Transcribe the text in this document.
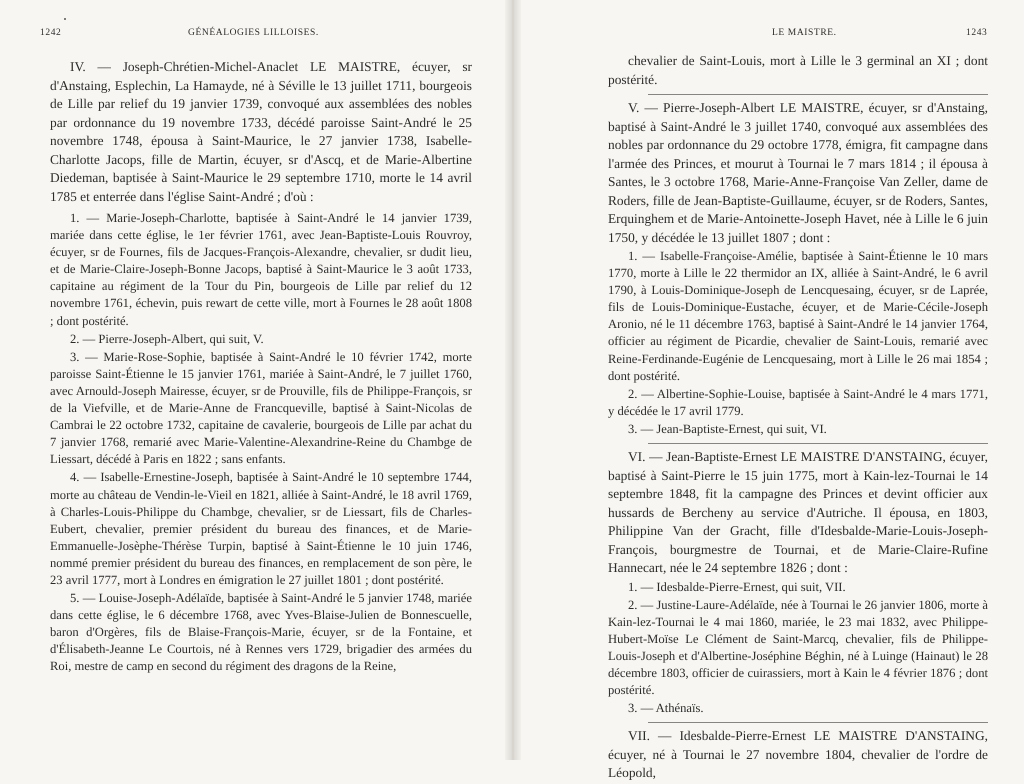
1242	GÉNÉALOGIES LILLOISES.

IV. — Joseph-Chrétien-Michel-Anaclet LE MAISTRE, écuyer, sr d'Anstaing, Esplechin, La Hamayde, né à Séville le 13 juillet 1711, bourgeois de Lille par relief du 19 janvier 1739, convoqué aux assemblées des nobles par ordonnance du 19 novembre 1733, décédé paroisse Saint-André le 25 novembre 1748, épousa à Saint-Maurice, le 27 janvier 1738, Isabelle-Charlotte Jacops, fille de Martin, écuyer, sr d'Ascq, et de Marie-Albertine Diedeman, baptisée à Saint-Maurice le 29 septembre 1710, morte le 14 avril 1785 et enterrée dans l'église Saint-André ; d'où :

1. — Marie-Joseph-Charlotte, baptisée à Saint-André le 14 janvier 1739, mariée dans cette église, le 1er février 1761, avec Jean-Baptiste-Louis Rouvroy, écuyer, sr de Fournes, fils de Jacques-François-Alexandre, chevalier, sr dudit lieu, et de Marie-Claire-Joseph-Bonne Jacops, baptisé à Saint-Maurice le 3 août 1733, capitaine au régiment de la Tour du Pin, bourgeois de Lille par relief du 12 novembre 1761, échevin, puis rewart de cette ville, mort à Fournes le 28 août 1808 ; dont postérité.

2. — Pierre-Joseph-Albert, qui suit, V.

3. — Marie-Rose-Sophie, baptisée à Saint-André le 10 février 1742, morte paroisse Saint-Étienne le 15 janvier 1761, mariée à Saint-André, le 7 juillet 1760, avec Arnould-Joseph Mairesse, écuyer, sr de Prouville, fils de Philippe-François, sr de la Viefville, et de Marie-Anne de Francqueville, baptisé à Saint-Nicolas de Cambrai le 22 octobre 1732, capitaine de cavalerie, bourgeois de Lille par achat du 7 janvier 1768, remarié avec Marie-Valentine-Alexandrine-Reine du Chambge de Liessart, décédé à Paris en 1822 ; sans enfants.

4. — Isabelle-Ernestine-Joseph, baptisée à Saint-André le 10 septembre 1744, morte au château de Vendin-le-Vieil en 1821, alliée à Saint-André, le 18 avril 1769, à Charles-Louis-Philippe du Chambge, chevalier, sr de Liessart, fils de Charles-Eubert, chevalier, premier président du bureau des finances, et de Marie-Emmanuelle-Josèphe-Thérèse Turpin, baptisé à Saint-Étienne le 10 juin 1746, nommé premier président du bureau des finances, en remplacement de son père, le 23 avril 1777, mort à Londres en émigration le 27 juillet 1801 ; dont postérité.

5. — Louise-Joseph-Adélaïde, baptisée à Saint-André le 5 janvier 1748, mariée dans cette église, le 6 décembre 1768, avec Yves-Blaise-Julien de Bonnescuelle, baron d'Orgères, fils de Blaise-François-Marie, écuyer, sr de la Fontaine, et d'Élisabeth-Jeanne Le Courtois, né à Rennes vers 1729, brigadier des armées du Roi, mestre de camp en second du régiment des dragons de la Reine,

LE MAISTRE.	1243

chevalier de Saint-Louis, mort à Lille le 3 germinal an XI ; dont postérité.

V. — Pierre-Joseph-Albert LE MAISTRE, écuyer, sr d'Anstaing, baptisé à Saint-André le 3 juillet 1740, convoqué aux assemblées des nobles par ordonnance du 29 octobre 1778, émigra, fit campagne dans l'armée des Princes, et mourut à Tournai le 7 mars 1814 ; il épousa à Santes, le 3 octobre 1768, Marie-Anne-Françoise Van Zeller, dame de Roders, fille de Jean-Baptiste-Guillaume, écuyer, sr de Roders, Santes, Erquinghem et de Marie-Antoinette-Joseph Havet, née à Lille le 6 juin 1750, y décédée le 13 juillet 1807 ; dont :

1. — Isabelle-Françoise-Amélie, baptisée à Saint-Étienne le 10 mars 1770, morte à Lille le 22 thermidor an IX, alliée à Saint-André, le 6 avril 1790, à Louis-Dominique-Joseph de Lencquesaing, écuyer, sr de Laprée, fils de Louis-Dominique-Eustache, écuyer, et de Marie-Cécile-Joseph Aronio, né le 11 décembre 1763, baptisé à Saint-André le 14 janvier 1764, officier au régiment de Picardie, chevalier de Saint-Louis, remarié avec Reine-Ferdinande-Eugénie de Lencquesaing, mort à Lille le 26 mai 1854 ; dont postérité.

2. — Albertine-Sophie-Louise, baptisée à Saint-André le 4 mars 1771, y décédée le 17 avril 1779.

3. — Jean-Baptiste-Ernest, qui suit, VI.

VI. — Jean-Baptiste-Ernest LE MAISTRE D'ANSTAING, écuyer, baptisé à Saint-Pierre le 15 juin 1775, mort à Kain-lez-Tournai le 14 septembre 1848, fit la campagne des Princes et devint officier aux hussards de Bercheny au service d'Autriche. Il épousa, en 1803, Philippine Van der Gracht, fille d'Idesbalde-Marie-Louis-Joseph-François, bourgmestre de Tournai, et de Marie-Claire-Rufine Hannecart, née le 24 septembre 1826 ; dont :

1. — Idesbalde-Pierre-Ernest, qui suit, VII.

2. — Justine-Laure-Adélaïde, née à Tournai le 26 janvier 1806, morte à Kain-lez-Tournai le 4 mai 1860, mariée, le 23 mai 1832, avec Philippe-Hubert-Moïse Le Clément de Saint-Marcq, chevalier, fils de Philippe-Louis-Joseph et d'Albertine-Joséphine Béghin, né à Luinge (Hainaut) le 28 décembre 1803, officier de cuirassiers, mort à Kain le 4 février 1876 ; dont postérité.

3. — Athénaïs.

VII. — Idesbalde-Pierre-Ernest LE MAISTRE D'ANSTAING, écuyer, né à Tournai le 27 novembre 1804, chevalier de l'ordre de Léopold,
